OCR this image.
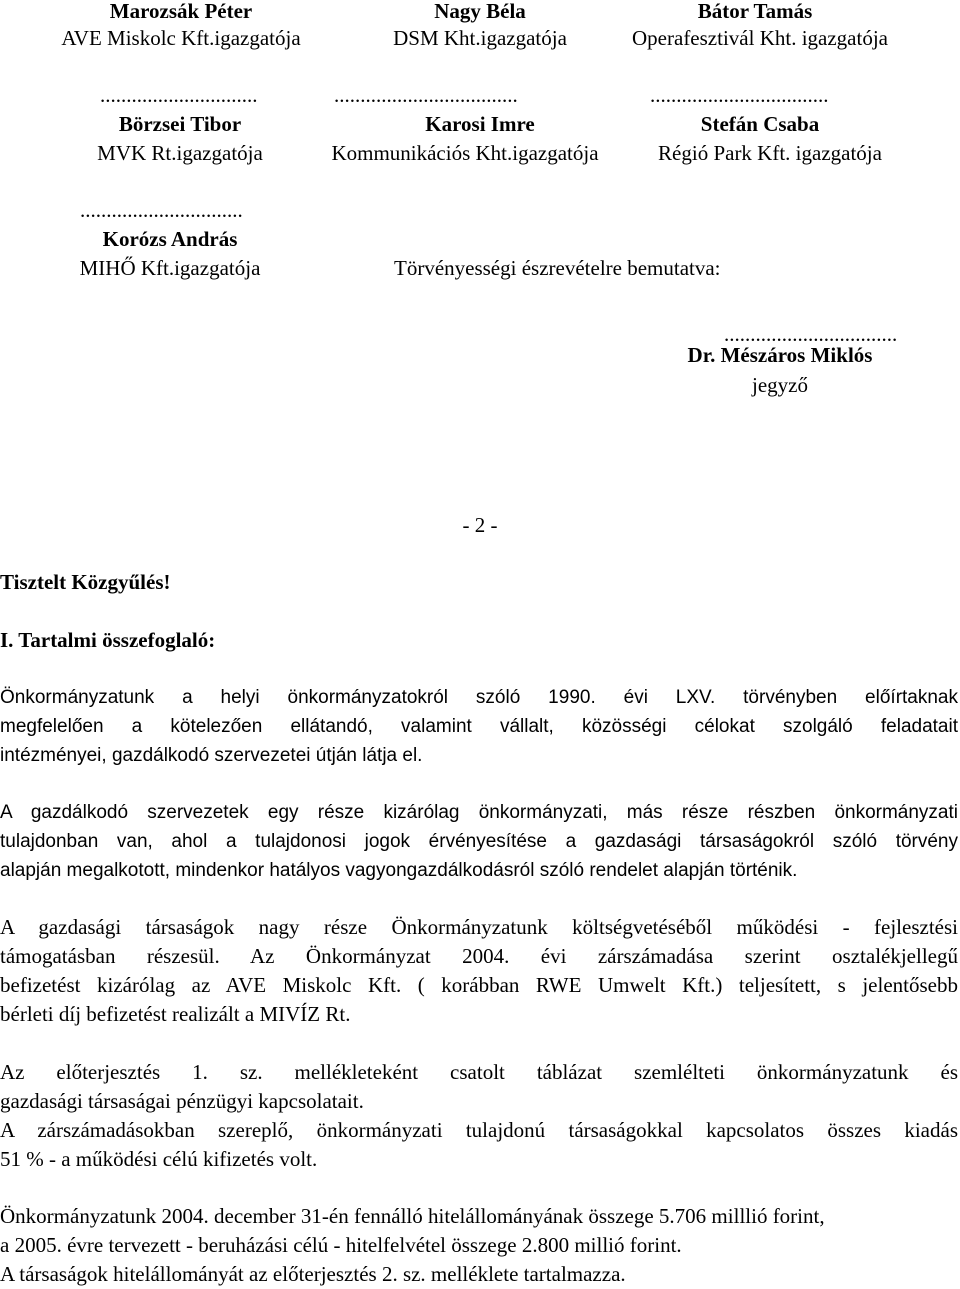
Marozsák Péter
AVE Miskolc Kft.igazgatója
Nagy Béla
DSM Kht.igazgatója
Bátor Tamás
Operafesztivál Kht. igazgatója
..............................
Börzsei Tibor
MVK Rt.igazgatója
...................................
Karosi Imre
Kommunikációs Kht.igazgatója
..................................
Stefán Csaba
Régió Park Kft. igazgatója
...............................
Korózs András
MIHŐ Kft.igazgatója	Törvényességi észrevételre bemutatva:
.................................
Dr. Mészáros Miklós
jegyző
- 2 -
Tisztelt Közgyűlés!
I. Tartalmi összefoglaló:
Önkormányzatunk a helyi önkormányzatokról szóló 1990. évi LXV. törvényben előírtaknak
megfelelően a kötelezően ellátandó, valamint vállalt, közösségi célokat szolgáló feladatait
intézményei, gazdálkodó szervezetei útján látja el.
A gazdálkodó szervezetek egy része kizárólag önkormányzati, más része részben önkormányzati
tulajdonban van, ahol a tulajdonosi jogok érvényesítése a gazdasági társaságokról szóló törvény
alapján megalkotott, mindenkor hatályos vagyongazdálkodásról szóló rendelet alapján történik.
A gazdasági társaságok nagy része Önkormányzatunk költségvetéséből működési - fejlesztési
támogatásban részesül. Az Önkormányzat 2004. évi zárszámadása szerint osztalékjellegű
befizetést kizárólag az AVE Miskolc Kft. ( korábban RWE Umwelt Kft.) teljesített, s jelentősebb
bérleti díj befizetést realizált a MIVÍZ Rt.
Az előterjesztés 1. sz. mellékleteként csatolt táblázat szemlélteti önkormányzatunk és
gazdasági társaságai pénzügyi kapcsolatait.
A zárszámadásokban szereplő, önkormányzati tulajdonú társaságokkal kapcsolatos összes kiadás
51 % - a működési célú kifizetés volt.
Önkormányzatunk 2004. december 31-én fennálló hitelállományának összege 5.706 milllió forint,
a 2005. évre tervezett - beruházási célú - hitelfelvétel összege 2.800 millió forint.
A társaságok hitelállományát az előterjesztés 2. sz. melléklete tartalmazza.
